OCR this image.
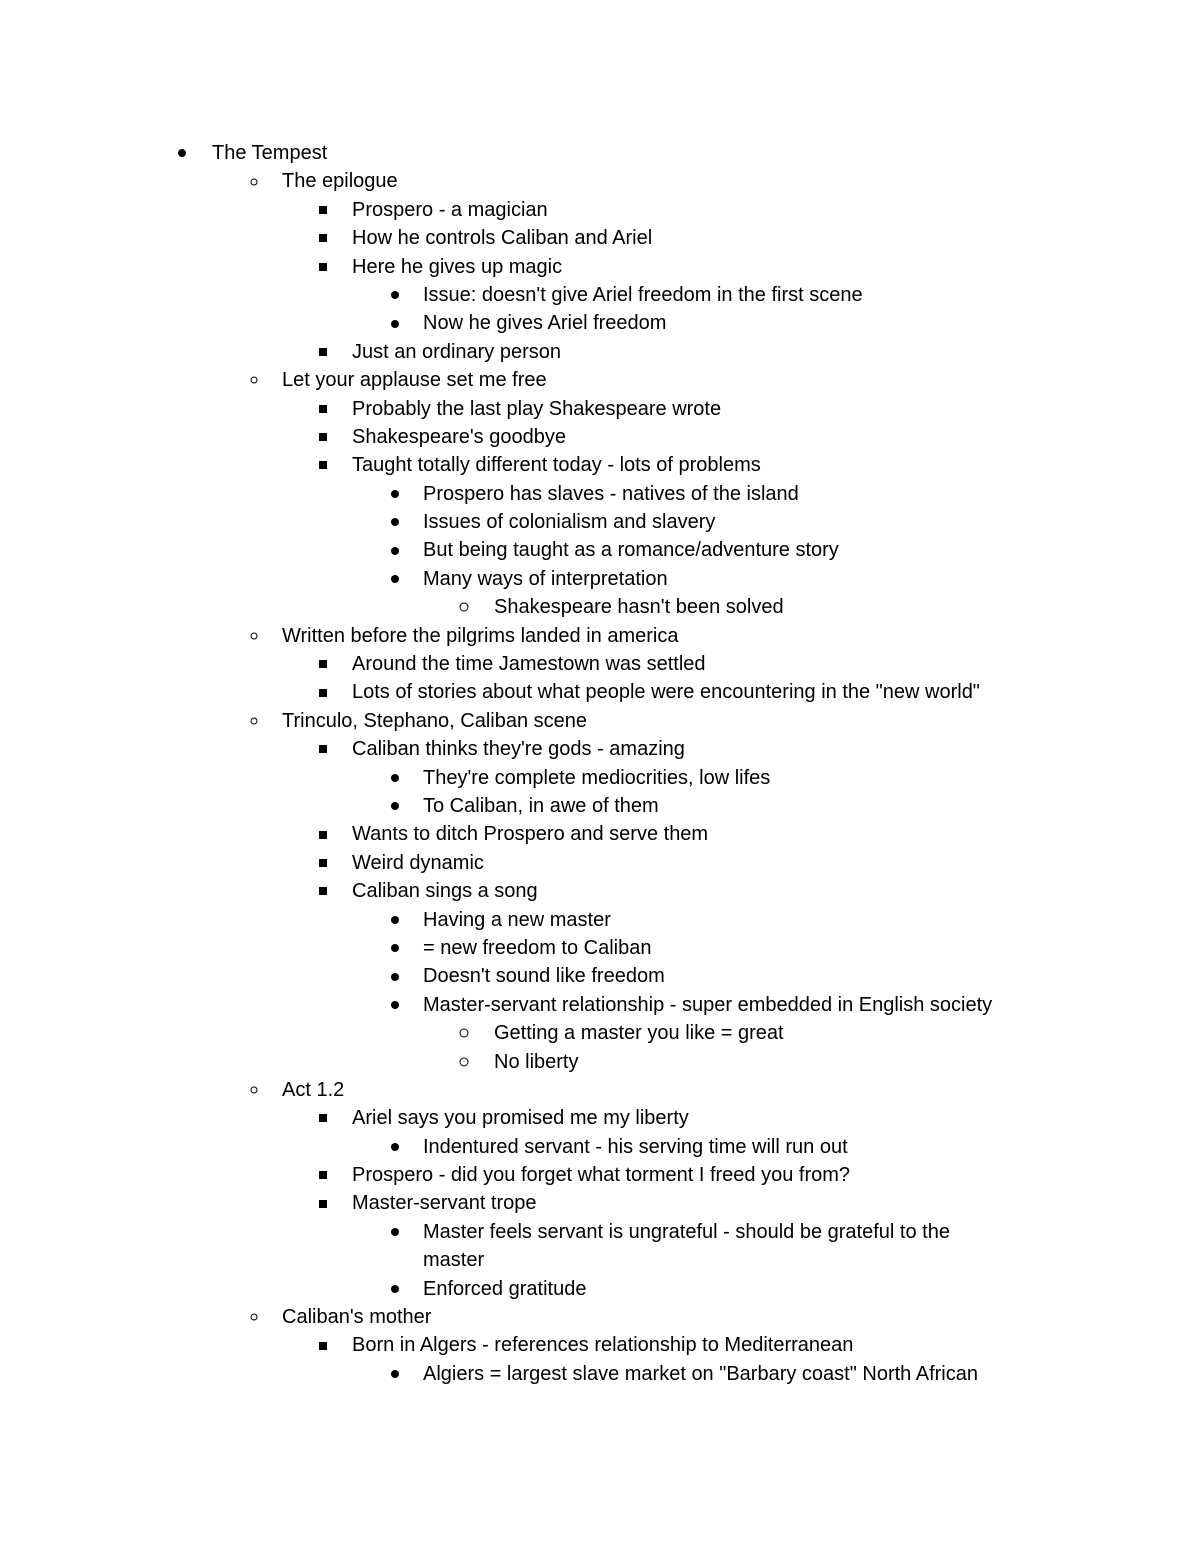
The Tempest
The epilogue
Prospero - a magician
How he controls Caliban and Ariel
Here he gives up magic
Issue: doesn't give Ariel freedom in the first scene
Now he gives Ariel freedom
Just an ordinary person
Let your applause set me free
Probably the last play Shakespeare wrote
Shakespeare's goodbye
Taught totally different today - lots of problems
Prospero has slaves - natives of the island
Issues of colonialism and slavery
But being taught as a romance/adventure story
Many ways of interpretation
Shakespeare hasn't been solved
Written before the pilgrims landed in america
Around the time Jamestown was settled
Lots of stories about what people were encountering in the "new world"
Trinculo, Stephano, Caliban scene
Caliban thinks they're gods - amazing
They're complete mediocrities, low lifes
To Caliban, in awe of them
Wants to ditch Prospero and serve them
Weird dynamic
Caliban sings a song
Having a new master
= new freedom to Caliban
Doesn't sound like freedom
Master-servant relationship - super embedded in English society
Getting a master you like = great
No liberty
Act 1.2
Ariel says you promised me my liberty
Indentured servant - his serving time will run out
Prospero - did you forget what torment I freed you from?
Master-servant trope
Master feels servant is ungrateful - should be grateful to the master
Enforced gratitude
Caliban's mother
Born in Algers - references relationship to Mediterranean
Algiers = largest slave market on "Barbary coast" North African
